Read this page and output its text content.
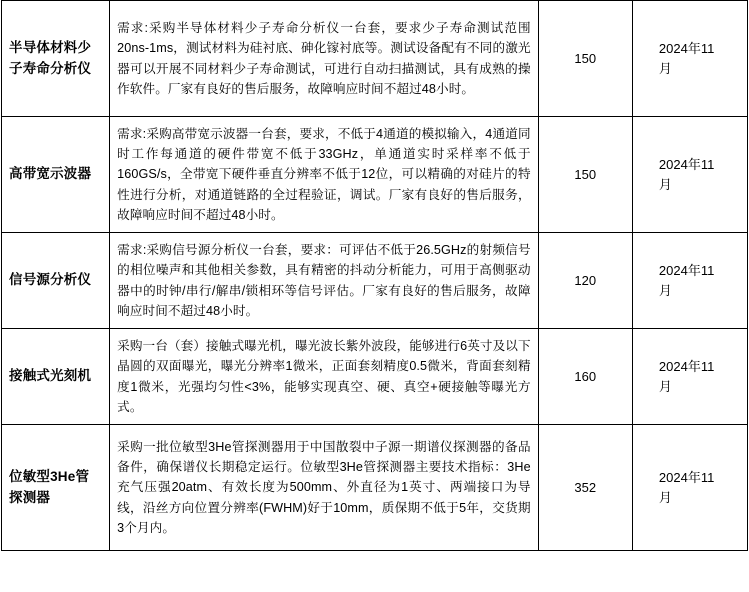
半导体材料少子寿命分析仪	需求:采购半导体材料少子寿命分析仪一台套，要求少子寿命测试范围20ns-1ms，测试材料为硅衬底、砷化镓衬底等。测试设备配有不同的激光器可以开展不同材料少子寿命测试，可进行自动扫描测试，具有成熟的操作软件。厂家有良好的售后服务，故障响应时间不超过48小时。	150	2024年11月

高带宽示波器	需求:采购高带宽示波器一台套，要求，不低于4通道的模拟输入，4通道同时工作每通道的硬件带宽不低于33GHz，单通道实时采样率不低于160GS/s，全带宽下硬件垂直分辨率不低于12位，可以精确的对硅片的特性进行分析，对通道链路的全过程验证，调试。厂家有良好的售后服务，故障响应时间不超过48小时。	150	2024年11月

信号源分析仪	需求:采购信号源分析仪一台套，要求：可评估不低于26.5GHz的射频信号的相位噪声和其他相关参数，具有精密的抖动分析能力，可用于高侧驱动器中的时钟/串行/解串/锁相环等信号评估。厂家有良好的售后服务，故障响应时间不超过48小时。	120	2024年11月

接触式光刻机	采购一台（套）接触式曝光机，曝光波长紫外波段，能够进行6英寸及以下晶圆的双面曝光，曝光分辨率1微米，正面套刻精度0.5微米，背面套刻精度1微米，光强均匀性<3%，能够实现真空、硬、真空+硬接触等曝光方式。	160	2024年11月

位敏型3He管探测器	采购一批位敏型3He管探测器用于中国散裂中子源一期谱仪探测器的备品备件，确保谱仪长期稳定运行。位敏型3He管探测器主要技术指标：3He充气压强20atm、有效长度为500mm、外直径为1英寸、两端接口为导线，沿丝方向位置分辨率(FWHM)好于10mm，质保期不低于5年，交货期3个月内。	352	2024年11月
